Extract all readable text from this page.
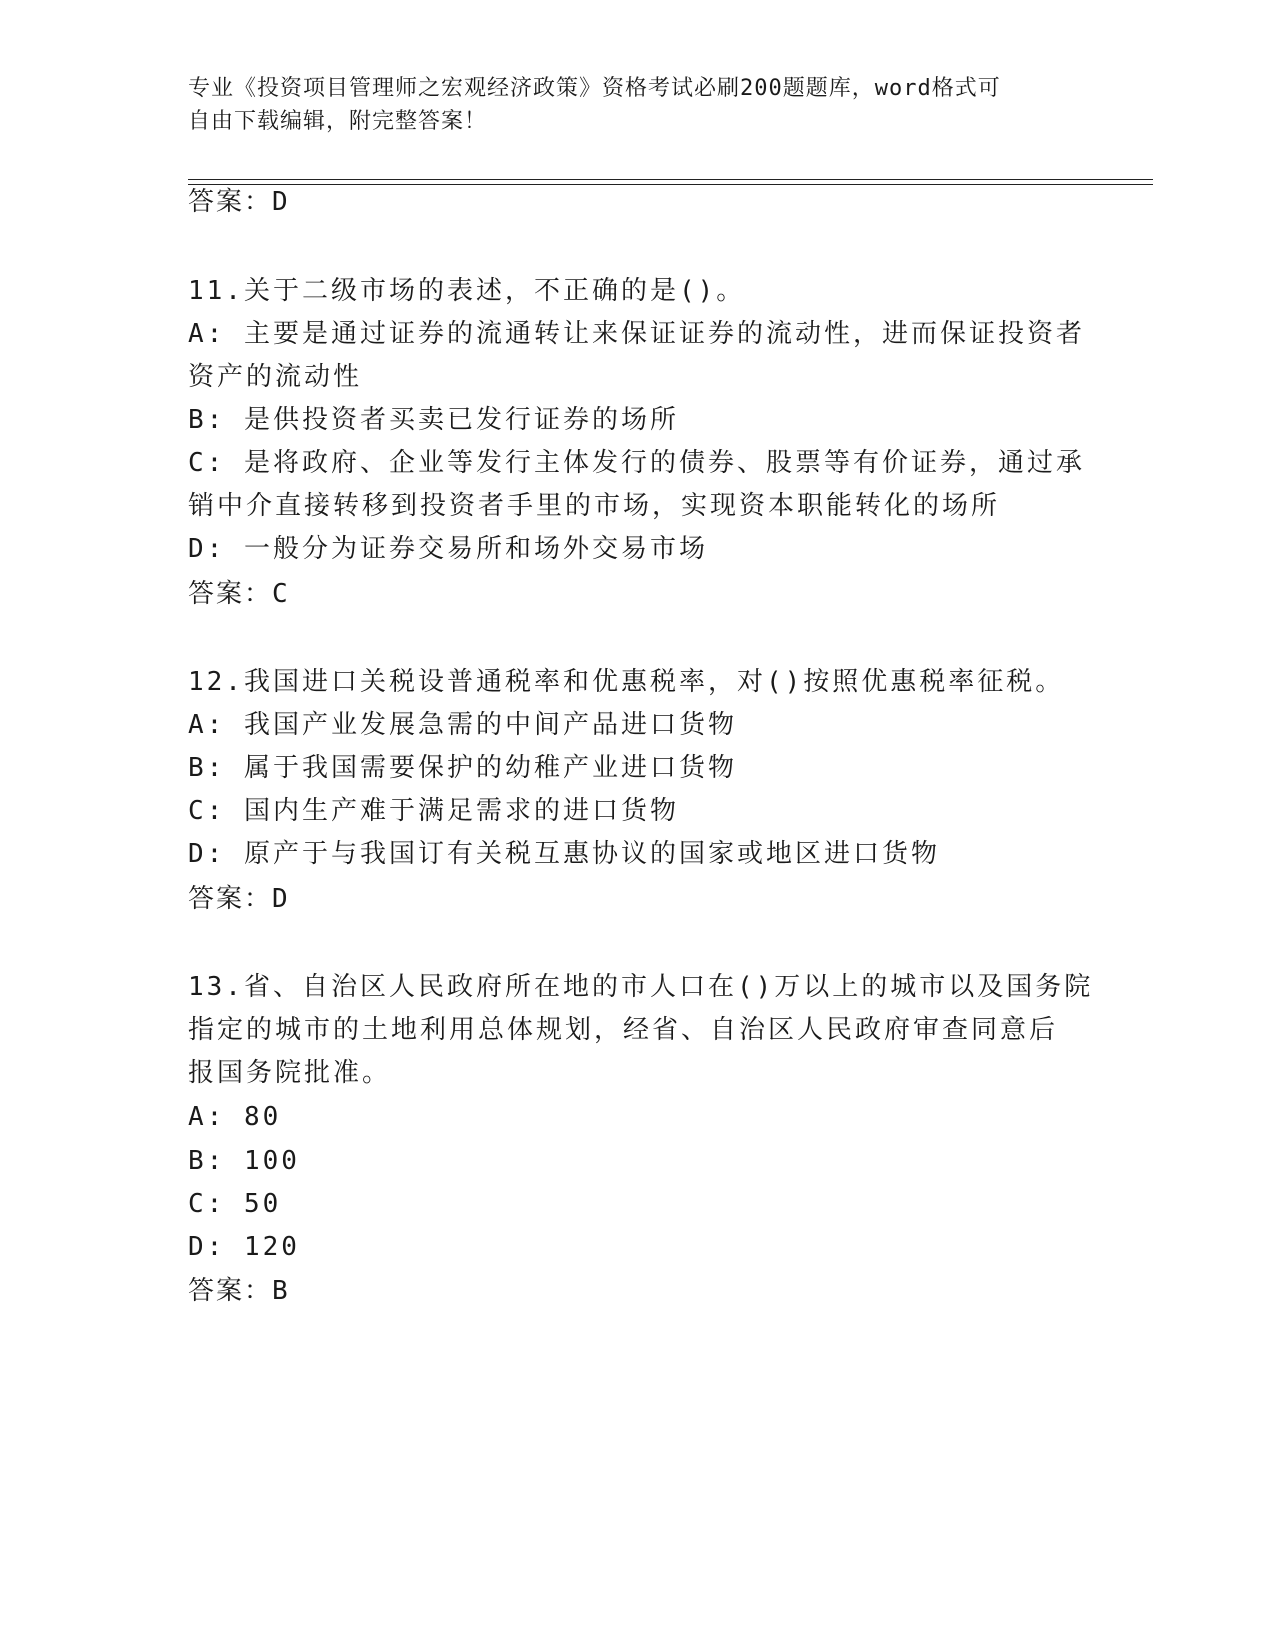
专业《投资项目管理师之宏观经济政策》资格考试必刷200题题库，word格式可
自由下载编辑，附完整答案！
答案：D
11.关于二级市场的表述，不正确的是()。
A: 主要是通过证券的流通转让来保证证券的流动性，进而保证投资者
资产的流动性
B: 是供投资者买卖已发行证券的场所
C: 是将政府、企业等发行主体发行的债券、股票等有价证券，通过承
销中介直接转移到投资者手里的市场，实现资本职能转化的场所
D: 一般分为证券交易所和场外交易市场
答案：C
12.我国进口关税设普通税率和优惠税率，对()按照优惠税率征税。
A: 我国产业发展急需的中间产品进口货物
B: 属于我国需要保护的幼稚产业进口货物
C: 国内生产难于满足需求的进口货物
D: 原产于与我国订有关税互惠协议的国家或地区进口货物
答案：D
13.省、自治区人民政府所在地的市人口在()万以上的城市以及国务院
指定的城市的土地利用总体规划，经省、自治区人民政府审查同意后
报国务院批准。
A: 80
B: 100
C: 50
D: 120
答案：B
